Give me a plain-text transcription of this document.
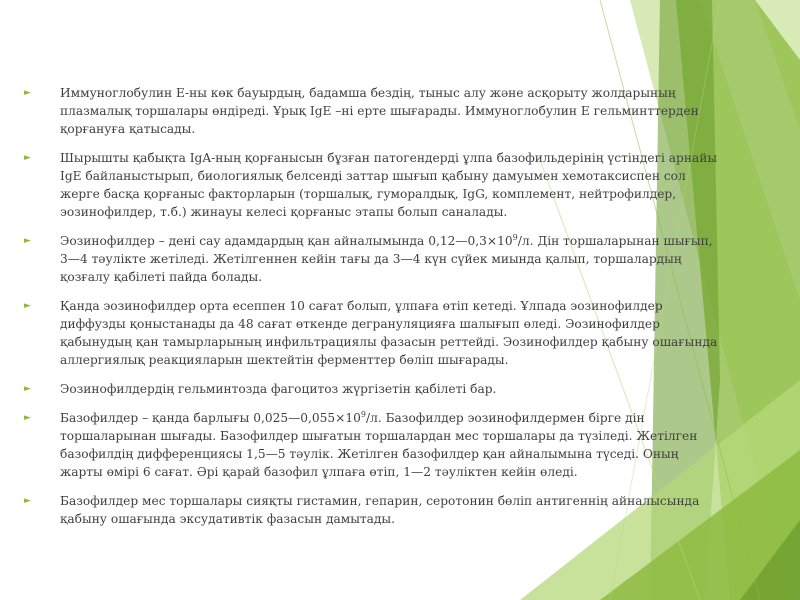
►	Иммуноглобулин Е-ны көк бауырдың, бадамша бездің, тыныс алу және асқорыту жолдарының плазмалық торшалары өндіреді. Ұрық IgE –ні ерте шығарады. Иммуноглобулин Е гельминттерден қорғануға қатысады.
►	Шырышты қабықта IgA-ның қорғанысын бұзған патогендерді ұлпа базофильдерінің үстіндегі арнайы IgE байланыстырып, биологиялық белсенді заттар шығып қабыну дамуымен хемотаксиспен сол жерге басқа қорғаныс факторларын (торшалық, гуморалдық, IgG, комплемент, нейтрофилдер, эозинофилдер, т.б.) жинауы келесі қорғаныс этапы болып саналады.
►	Эозинофилдер – дені сау адамдардың қан айналымында $0,12—0,3\times 10^9/л$. Дін торшаларынан шығып, 3—4 тәулікте жетіледі. Жетілгеннен кейін тағы да 3—4 күн сүйек миында қалып, торшалардың қозғалу қабілеті пайда болады.
►	Қанда эозинофилдер орта есеппен 10 сағат болып, ұлпаға өтіп кетеді. Ұлпада эозинофилдер диффузды қоныстанады да 48 сағат өткенде дегрануляцияға шалығып өледі. Эозинофилдер қабынудың қан тамырларының инфильтрациялы фазасын реттейді. Эозинофилдер қабыну ошағында аллергиялық реакцияларын шектейтін ферменттер бөліп шығарады.
►	Эозинофилдердің гельминтозда фагоцитоз жүргізетін қабілеті бар.
►	Базофилдер – қанда барлығы $0,025—0,055\times 10^9/л$. Базофилдер эозинофилдермен бірге дін торшаларынан шығады. Базофилдер шығатын торшалардан мес торшалары да түзіледі. Жетілген базофилдің дифференциясы 1,5—5 тәулік. Жетілген базофилдер қан айналымына түседі. Оның жарты өмірі 6 сағат. Әрі қарай базофил ұлпаға өтіп, 1—2 тәуліктен кейін өледі.
►	Базофилдер мес торшалары сияқты гистамин, гепарин, серотонин бөліп антигеннің айналысында қабыну ошағында эксудативтік фазасын дамытады.
